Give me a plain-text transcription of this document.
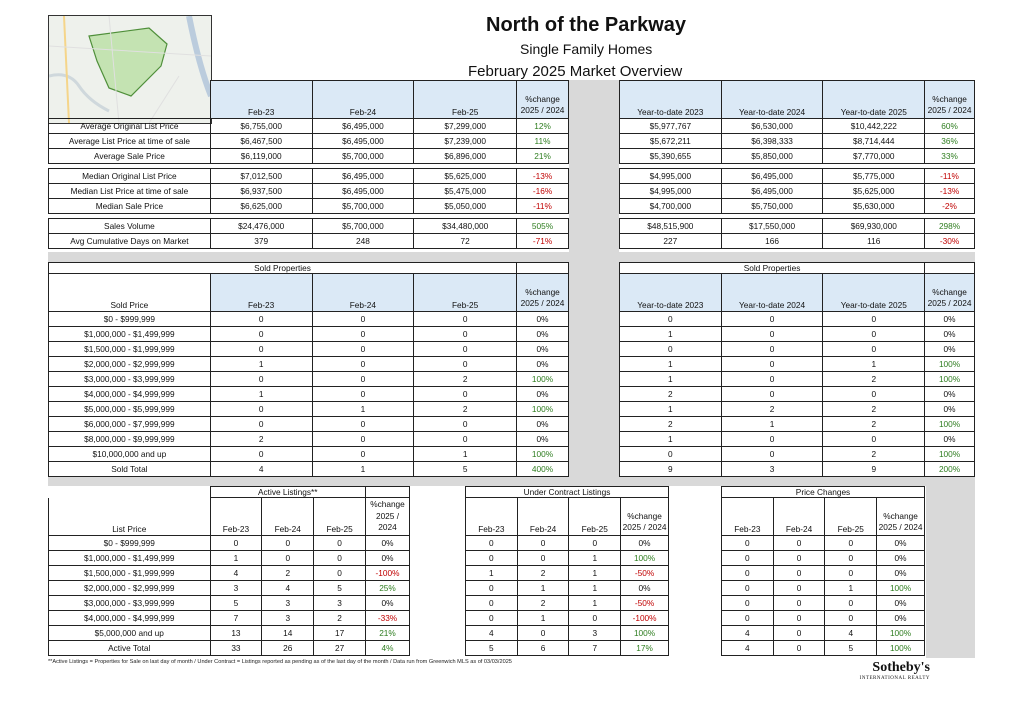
North of the Parkway
Single Family Homes
February 2025 Market Overview
	Feb-23	Feb-24	Feb-25	%change 2025 / 2024
Average Original List Price	$6,755,000	$6,495,000	$7,299,000	12%
Average List Price at time of sale	$6,467,500	$6,495,000	$7,239,000	11%
Average Sale Price	$6,119,000	$5,700,000	$6,896,000	21%

Median Original List Price	$7,012,500	$6,495,000	$5,625,000	-13%
Median List Price at time of sale	$6,937,500	$6,495,000	$5,475,000	-16%
Median Sale Price	$6,625,000	$5,700,000	$5,050,000	-11%

Sales Volume	$24,476,000	$5,700,000	$34,480,000	505%
Avg Cumulative Days on Market	379	248	72	-71%
Year-to-date 2023	Year-to-date 2024	Year-to-date 2025	%change 2025 / 2024
$5,977,767	$6,530,000	$10,442,222	60%
$5,672,211	$6,398,333	$8,714,444	36%
$5,390,655	$5,850,000	$7,770,000	33%

$4,995,000	$6,495,000	$5,775,000	-11%
$4,995,000	$6,495,000	$5,625,000	-13%
$4,700,000	$5,750,000	$5,630,000	-2%

$48,515,900	$17,550,000	$69,930,000	298%
227	166	116	-30%
Sold Properties				
Sold Price	Feb-23	Feb-24	Feb-25	%change 2025 / 2024
$0 - $999,999	0	0	0	0%
$1,000,000 - $1,499,999	0	0	0	0%
$1,500,000 - $1,999,999	0	0	0	0%
$2,000,000 - $2,999,999	1	0	0	0%
$3,000,000 - $3,999,999	0	0	2	100%
$4,000,000 - $4,999,999	1	0	0	0%
$5,000,000 - $5,999,999	0	1	2	100%
$6,000,000 - $7,999,999	0	0	0	0%
$8,000,000 - $9,999,999	2	0	0	0%
$10,000,000 and up	0	0	1	100%
Sold Total	4	1	5	400%
Sold Properties			
Year-to-date 2023	Year-to-date 2024	Year-to-date 2025	%change 2025 / 2024
0	0	0	0%
1	0	0	0%
0	0	0	0%
1	0	1	100%
1	0	2	100%
2	0	0	0%
1	2	2	0%
2	1	2	100%
1	0	0	0%
0	0	2	100%
9	3	9	200%
	Active Listings**			
List Price	Feb-23	Feb-24	Feb-25	%change 2025 / 2024
$0 - $999,999	0	0	0	0%
$1,000,000 - $1,499,999	1	0	0	0%
$1,500,000 - $1,999,999	4	2	0	-100%
$2,000,000 - $2,999,999	3	4	5	25%
$3,000,000 - $3,999,999	5	3	3	0%
$4,000,000 - $4,999,999	7	3	2	-33%
$5,000,000 and up	13	14	17	21%
Active Total	33	26	27	4%
Under Contract Listings			
Feb-23	Feb-24	Feb-25	%change 2025 / 2024
0	0	0	0%
0	0	1	100%
1	2	1	-50%
0	1	1	0%
0	2	1	-50%
0	1	0	-100%
4	0	3	100%
5	6	7	17%
Price Changes			
Feb-23	Feb-24	Feb-25	%change 2025 / 2024
0	0	0	0%
0	0	0	0%
0	0	0	0%
0	0	1	100%
0	0	0	0%
0	0	0	0%
4	0	4	100%
4	0	5	100%
**Active Listings = Properties for Sale on last day of month / Under Contract = Listings reported as pending as of the last day of the month / Data run from Greenwich MLS as of 03/03/2025	Sotheby's
INTERNATIONAL REALTY
